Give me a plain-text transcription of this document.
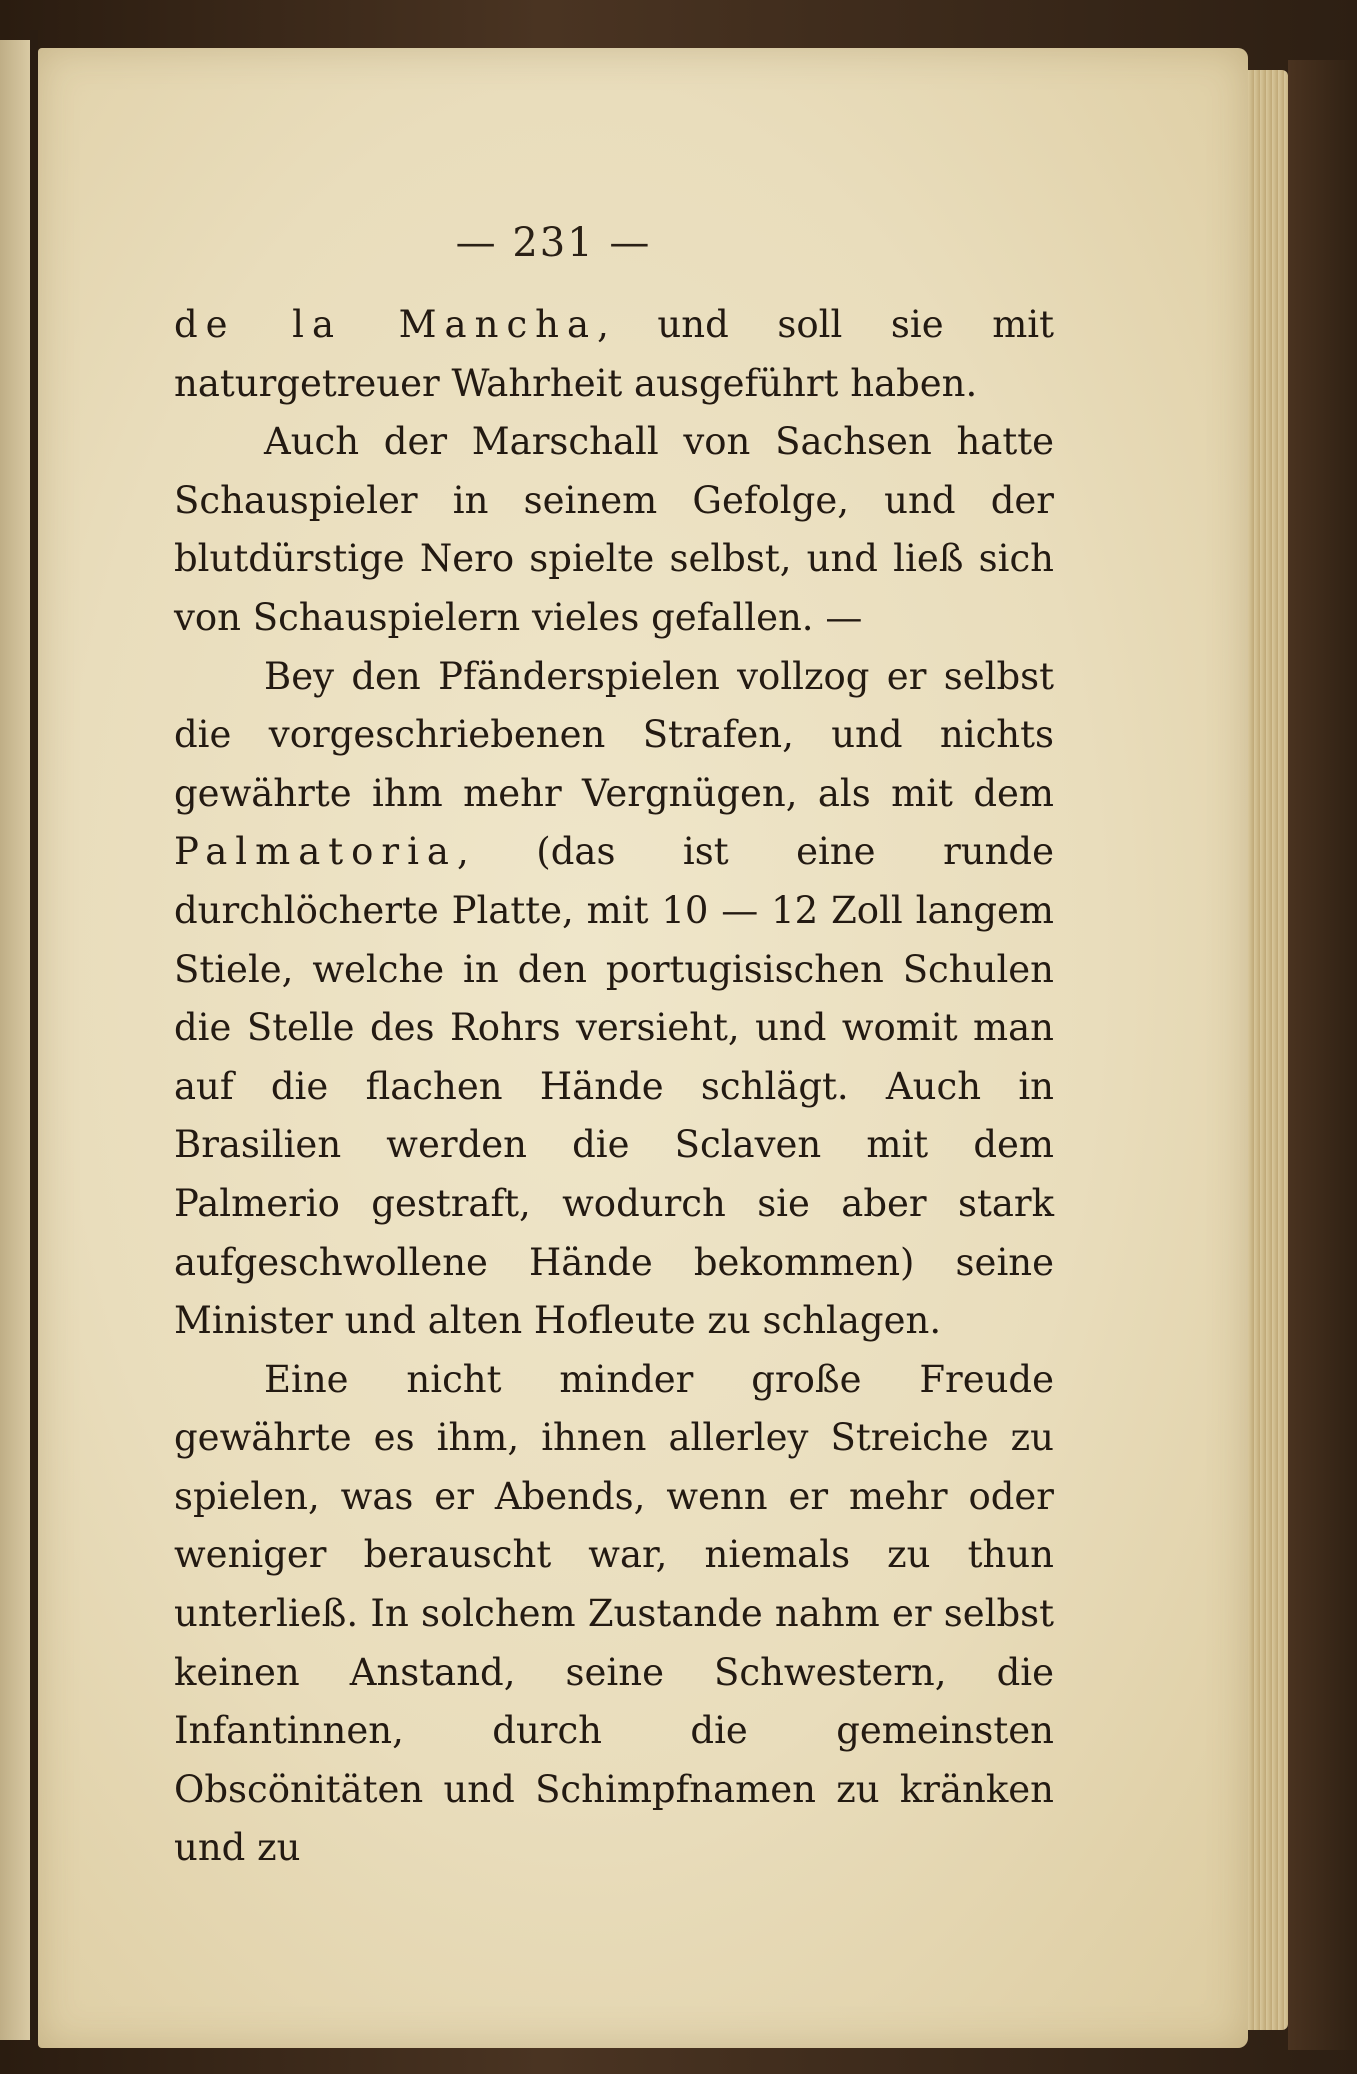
— 231 —

de la Mancha, und soll sie mit naturgetreuer Wahrheit ausgeführt haben.

Auch der Marschall von Sachsen hatte Schauspieler in seinem Gefolge, und der blutdürstige Nero spielte selbst, und ließ sich von Schauspielern vieles gefallen. —

Bey den Pfänderspielen vollzog er selbst die vorgeschriebenen Strafen, und nichts gewährte ihm mehr Vergnügen, als mit dem Palmatoria, (das ist eine runde durchlöcherte Platte, mit 10 — 12 Zoll langem Stiele, welche in den portugisischen Schulen die Stelle des Rohrs versieht, und womit man auf die flachen Hände schlägt. Auch in Brasilien werden die Sclaven mit dem Palmerio gestraft, wodurch sie aber stark aufgeschwollene Hände bekommen) seine Minister und alten Hofleute zu schlagen.

Eine nicht minder große Freude gewährte es ihm, ihnen allerley Streiche zu spielen, was er Abends, wenn er mehr oder weniger berauscht war, niemals zu thun unterließ. In solchem Zustande nahm er selbst keinen Anstand, seine Schwestern, die Infantinnen, durch die gemeinsten Obscönitäten und Schimpfnamen zu kränken und zu
